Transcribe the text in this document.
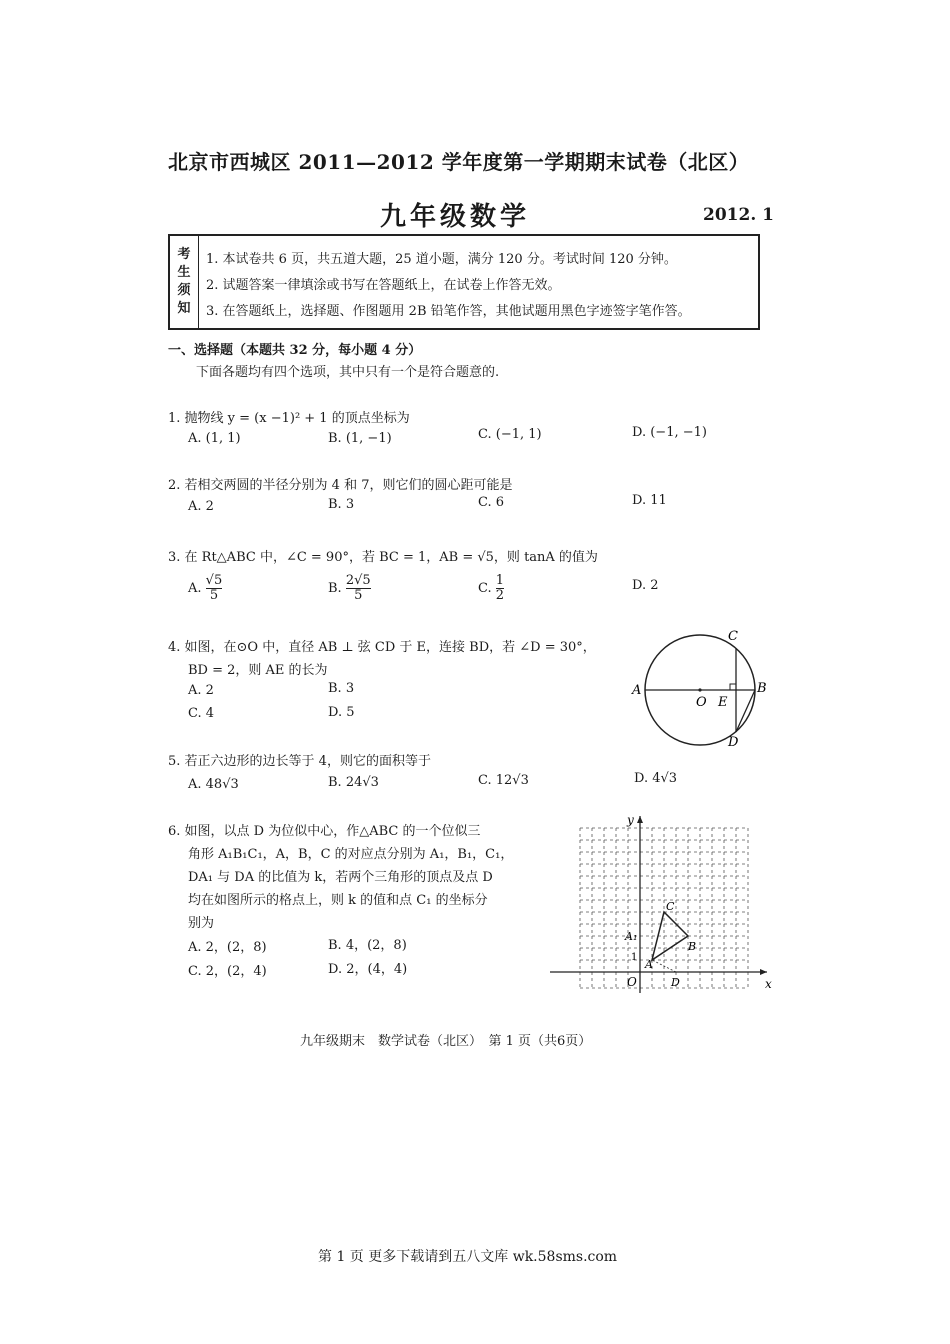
北京市西城区 2011—2012 学年度第一学期期末试卷（北区）
九年级数学	2012. 1
考
生
须
知
1. 本试卷共 6 页，共五道大题，25 道小题，满分 120 分。考试时间 120 分钟。
2. 试题答案一律填涂或书写在答题纸上，在试卷上作答无效。
3. 在答题纸上，选择题、作图题用 2B 铅笔作答，其他试题用黑色字迹签字笔作答。
一、选择题（本题共 32 分，每小题 4 分）
下面各题均有四个选项，其中只有一个是符合题意的.
1. 抛物线 y = (x −1)² + 1 的顶点坐标为
A. (1, 1)	B. (1, −1)	C. (−1, 1)	D. (−1, −1)
2. 若相交两圆的半径分别为 4 和 7，则它们的圆心距可能是
A. 2	B. 3	C. 6	D. 11
3. 在 Rt△ABC 中，∠C = 90°，若 BC = 1，AB = √5，则 tanA 的值为
A. $\frac{√5}{5}$	B. $\frac{2√5}{5}$	C. $\frac{1}{2}$	D. 2
4. 如图，在⊙O 中，直径 AB ⊥ 弦 CD 于 E，连接 BD，若 ∠D = 30°，
BD = 2，则 AE 的长为
A. 2	B. 3
C. 4	D. 5
A	B
C
D
O E
5. 若正六边形的边长等于 4，则它的面积等于
A. 48√3	B. 24√3	C. 12√3	D. 4√3
6. 如图，以点 D 为位似中心，作△ABC 的一个位似三
角形 A₁B₁C₁，A，B，C 的对应点分别为 A₁，B₁，C₁，
DA₁ 与 DA 的比值为 k，若两个三角形的顶点及点 D
均在如图所示的格点上，则 k 的值和点 C₁ 的坐标分
别为
A. 2，(2，8)	B. 4，(2，8)
C. 2，(2，4)	D. 2，(4，4)
x
y
O
A
B
C
A₁
D
1
九年级期末　数学试卷（北区）　第 1 页（共6页）
第 1 页 更多下载请到五八文库 wk.58sms.com
